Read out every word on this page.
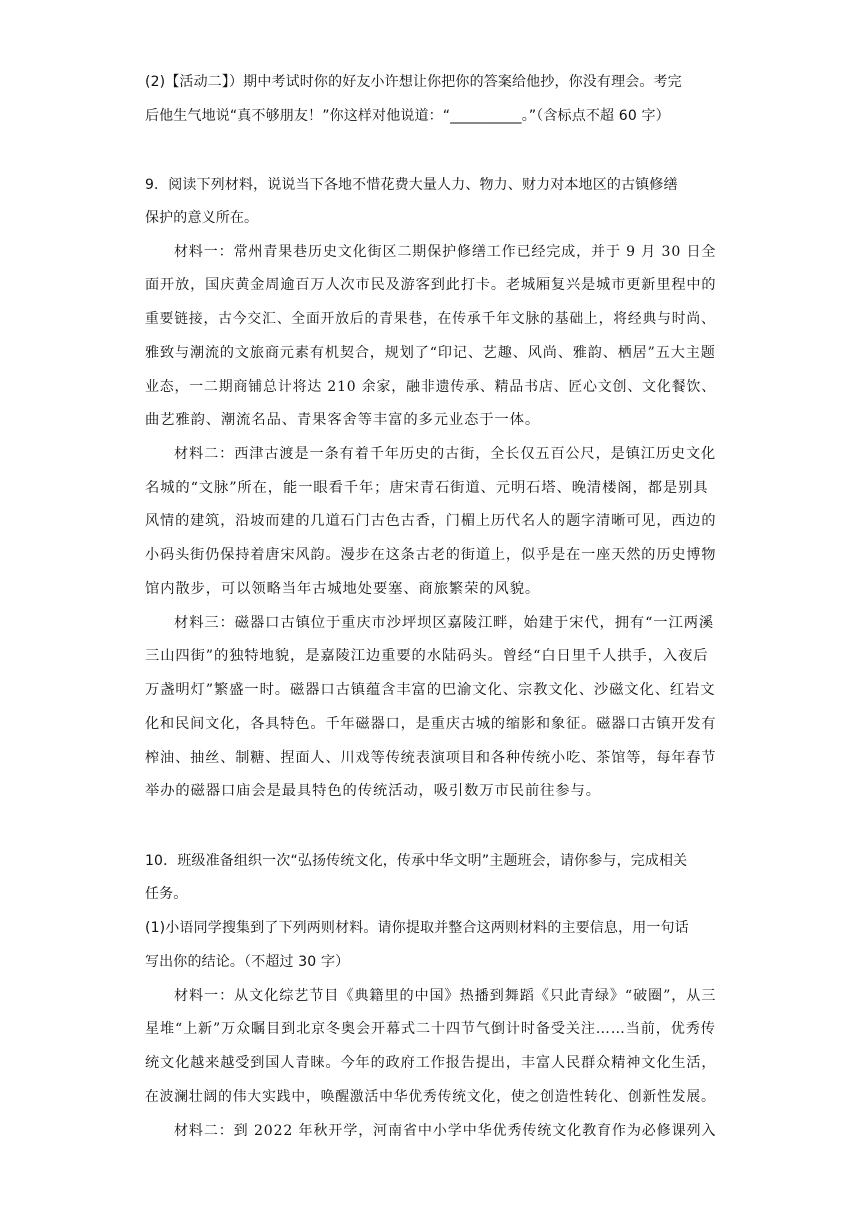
(2)【活动二】）期中考试时你的好友小许想让你把你的答案给他抄，你没有理会。考完
后他生气地说“真不够朋友！”你这样对他说道：“__________。”（含标点不超 60 字）
9．阅读下列材料，说说当下各地不惜花费大量人力、物力、财力对本地区的古镇修缮
保护的意义所在。
材料一：常州青果巷历史文化街区二期保护修缮工作已经完成，并于 9 月 30 日全
面开放，国庆黄金周逾百万人次市民及游客到此打卡。老城厢复兴是城市更新里程中的
重要链接，古今交汇、全面开放后的青果巷，在传承千年文脉的基础上，将经典与时尚、
雅致与潮流的文旅商元素有机契合，规划了“印记、艺趣、风尚、雅韵、栖居”五大主题
业态，一二期商铺总计将达 210 余家，融非遗传承、精品书店、匠心文创、文化餐饮、
曲艺雅韵、潮流名品、青果客舍等丰富的多元业态于一体。
材料二：西津古渡是一条有着千年历史的古街，全长仅五百公尺，是镇江历史文化
名城的“文脉”所在，能一眼看千年；唐宋青石街道、元明石塔、晚清楼阁，都是别具
风情的建筑，沿坡而建的几道石门古色古香，门楣上历代名人的题字清晰可见，西边的
小码头街仍保持着唐宋风韵。漫步在这条古老的街道上，似乎是在一座天然的历史博物
馆内散步，可以领略当年古城地处要塞、商旅繁荣的风貌。
材料三：磁器口古镇位于重庆市沙坪坝区嘉陵江畔，始建于宋代，拥有“一江两溪
三山四街”的独特地貌，是嘉陵江边重要的水陆码头。曾经“白日里千人拱手，入夜后
万盏明灯”繁盛一时。磁器口古镇蕴含丰富的巴渝文化、宗教文化、沙磁文化、红岩文
化和民间文化，各具特色。千年磁器口，是重庆古城的缩影和象征。磁器口古镇开发有
榨油、抽丝、制糖、捏面人、川戏等传统表演项目和各种传统小吃、茶馆等，每年春节
举办的磁器口庙会是最具特色的传统活动，吸引数万市民前往参与。
10．班级准备组织一次“弘扬传统文化，传承中华文明”主题班会，请你参与，完成相关
任务。
(1)小语同学搜集到了下列两则材料。请你提取并整合这两则材料的主要信息，用一句话
写出你的结论。（不超过 30 字）
材料一：从文化综艺节目《典籍里的中国》热播到舞蹈《只此青绿》“破圈”，从三
星堆“上新”万众瞩目到北京冬奥会开幕式二十四节气倒计时备受关注……当前，优秀传
统文化越来越受到国人青睐。今年的政府工作报告提出，丰富人民群众精神文化生活，
在波澜壮阔的伟大实践中，唤醒激活中华优秀传统文化，使之创造性转化、创新性发展。
材料二：到 2022 年秋开学，河南省中小学中华优秀传统文化教育作为必修课列入
